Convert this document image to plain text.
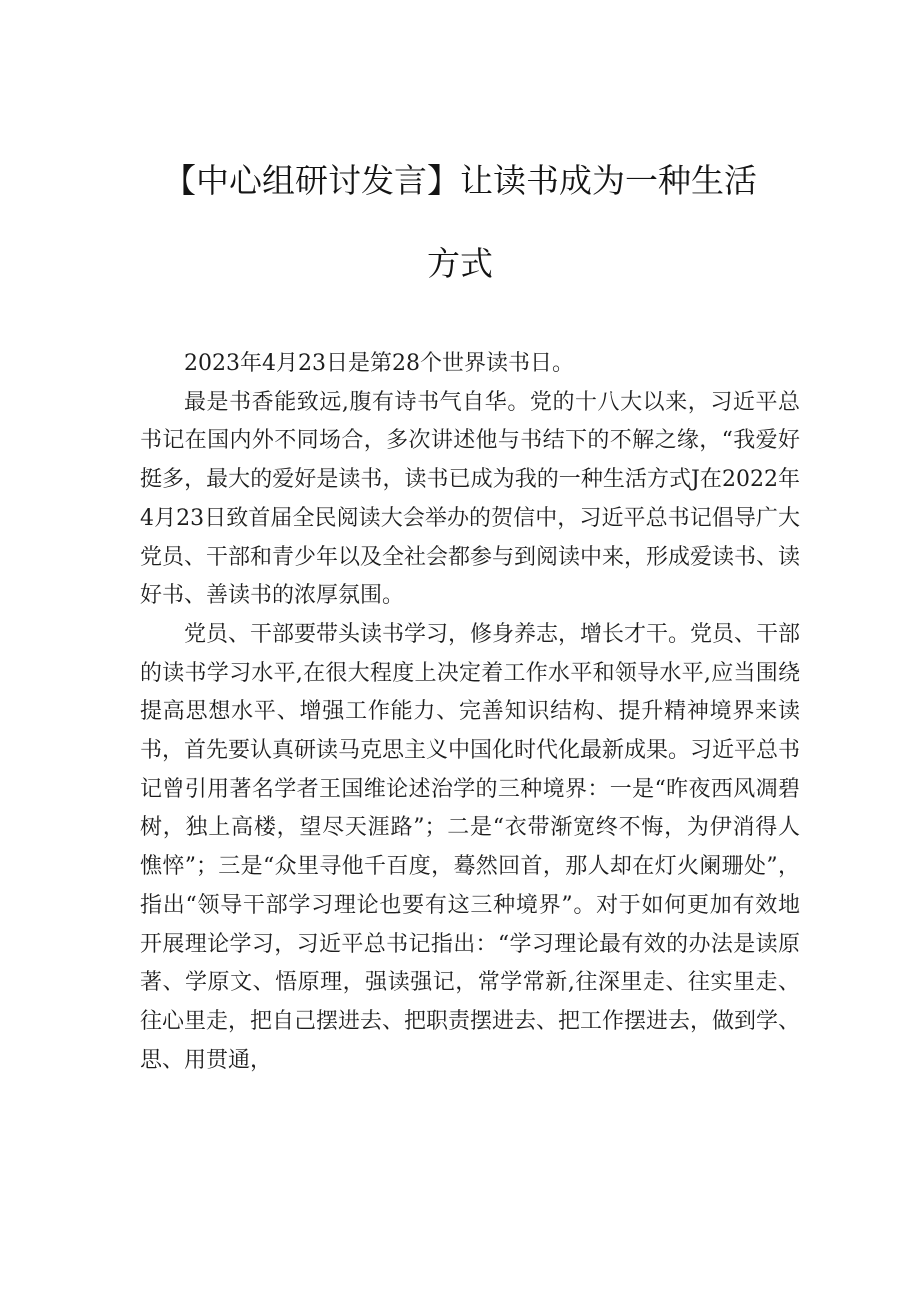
【中心组研讨发言】让读书成为一种生活
方式

2023年4月23日是第28个世界读书日。

最是书香能致远,腹有诗书气自华。党的十八大以来，习近平总书记在国内外不同场合，多次讲述他与书结下的不解之缘，“我爱好挺多，最大的爱好是读书，读书已成为我的一种生活方式J在2022年4月23日致首届全民阅读大会举办的贺信中，习近平总书记倡导广大党员、干部和青少年以及全社会都参与到阅读中来，形成爱读书、读好书、善读书的浓厚氛围。

党员、干部要带头读书学习，修身养志，增长才干。党员、干部的读书学习水平,在很大程度上决定着工作水平和领导水平,应当围绕提高思想水平、增强工作能力、完善知识结构、提升精神境界来读书，首先要认真研读马克思主义中国化时代化最新成果。习近平总书记曾引用著名学者王国维论述治学的三种境界：一是“昨夜西风凋碧树，独上高楼，望尽天涯路”；二是“衣带渐宽终不悔，为伊消得人憔悴”；三是“众里寻他千百度，蓦然回首，那人却在灯火阑珊处”，指出“领导干部学习理论也要有这三种境界”。对于如何更加有效地开展理论学习，习近平总书记指出：“学习理论最有效的办法是读原著、学原文、悟原理，强读强记，常学常新,往深里走、往实里走、往心里走，把自己摆进去、把职责摆进去、把工作摆进去，做到学、思、用贯通，
